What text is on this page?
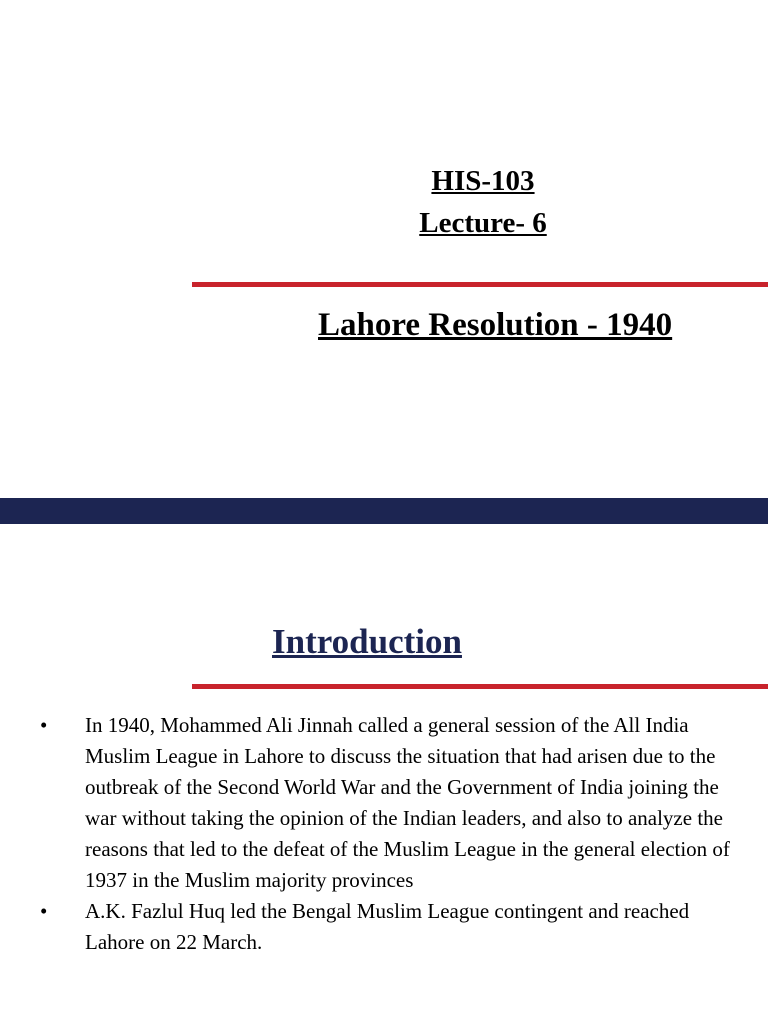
HIS-103
Lecture- 6
Lahore Resolution - 1940
Introduction
•	In 1940, Mohammed Ali Jinnah called a general session of the All India Muslim League in Lahore to discuss the situation that had arisen due to the outbreak of the Second World War and the Government of India joining the war without taking the opinion of the Indian leaders, and also to analyze the reasons that led to the defeat of the Muslim League in the general election of 1937 in the Muslim majority provinces
•	A.K. Fazlul Huq led the Bengal Muslim League contingent and reached Lahore on 22 March.
